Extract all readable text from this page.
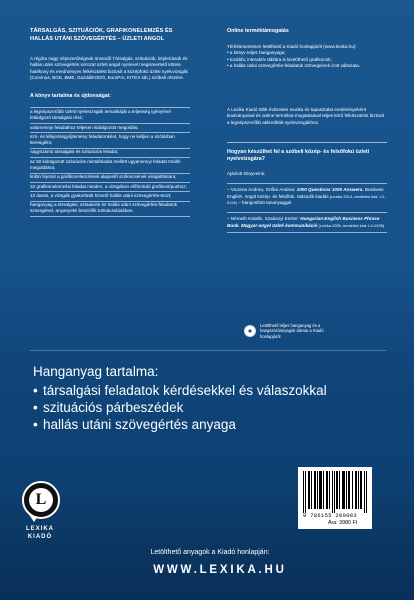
TÁRSALGÁS, SZITUÁCIÓK, GRAFIKONELEMZÉS ÉS HALLÁS UTÁNI SZÖVEGÉRTÉS – ÜZLETI ANGOL

A régóta nagy népszerűségnek örvendő Társalgás, szituációk, képleírások és hallás utáni szövegértés sorozat üzleti angol nyelvvel megismertető kötete hatékony és eredményes felkészülést biztosít a középfokú üzleti nyelvvizsgák (Corvinus, BGE, BME, GazdálKODÓ, EuroPro, KITEX stb.) szóbeli részére.

A könyv tartalma és újdonságai:
a legnépszerűbb üzleti nyelvvizsgák tematikáját a teljesség igényével feldolgozó társalgási rész;
valamennyi feladathoz teljesen kidolgozott megoldás;
szó- és kifejezésgyűjtemény feladatonként, hogy ne kelljen a szótárban keresgélni;
nagyszámú társalgási és szituációs feladat;
az 50 kidolgozott szituációs mintafeladat mellett ugyanennyi feladat önálló megoldásra;
külön fejezet a grafikonelemzések alapvető szókincsének elsajátítására;
32 grafikonelemzési feladat minden, a vizsgákon előforduló grafikontípushoz;
12 darab, a vizsgák gyakorlatát követő hallás utáni szövegértés-teszt;
hanganyag a társalgási, szituációs és hallás utáni szövegértés-feladatok szövegével, anyanyelvi beszélők tolmácsolásában.
Online terméktámogatás
Térítésmentesen letölthető a Kiadó honlapjáról (www.lexika.hu):
• a könyv teljes hanganyaga;
• további, interaktív táblára is kivetíthető grafikonok;
• a hallás utáni szövegértés-feladatok szövegeinek írott változata.
A Lexika Kiadó több évtizedes munka és tapasztalat eredményeként kiadványaival és online termékta-mogatásával teljes körű felkészülést biztosít a legnépszerűbb akkreditált nyelvvizsgákhoz.
Hogyan készülhet fel a szóbeli közép- és felsőfokú üzleti nyelvvizsgára?
Ajánlott könyveink:
– Viczena Andrea, Szőke Andrea: 1000 Questions 1000 Answers. Business English. Angol közép- és felsőfok. Második kiadás (Lexika 2014, rendelési kód: LX-0124) – hangosított tananyaggal
– Németh Katalin, Szakonyi Eszter: Hungarian-English Business Phrase Book. Magyar-angol üzleti kommunikáció (Lexika 2005, rendelési kód: LX-0105)
Letölthető teljes hanganyag és a hangszóróanyagok átirata a Kiadó honlapjáról
Hanganyag tartalma:
• társalgási feladatok kérdésekkel és válaszokkal
• szituációs párbeszédek
• hallás utáni szövegértés anyaga
9 786155 200083
Ára: 3980 Ft
L
LEXIKA
KIADÓ
Letölthető anyagok a Kiadó honlapján:
WWW.LEXIKA.HU
